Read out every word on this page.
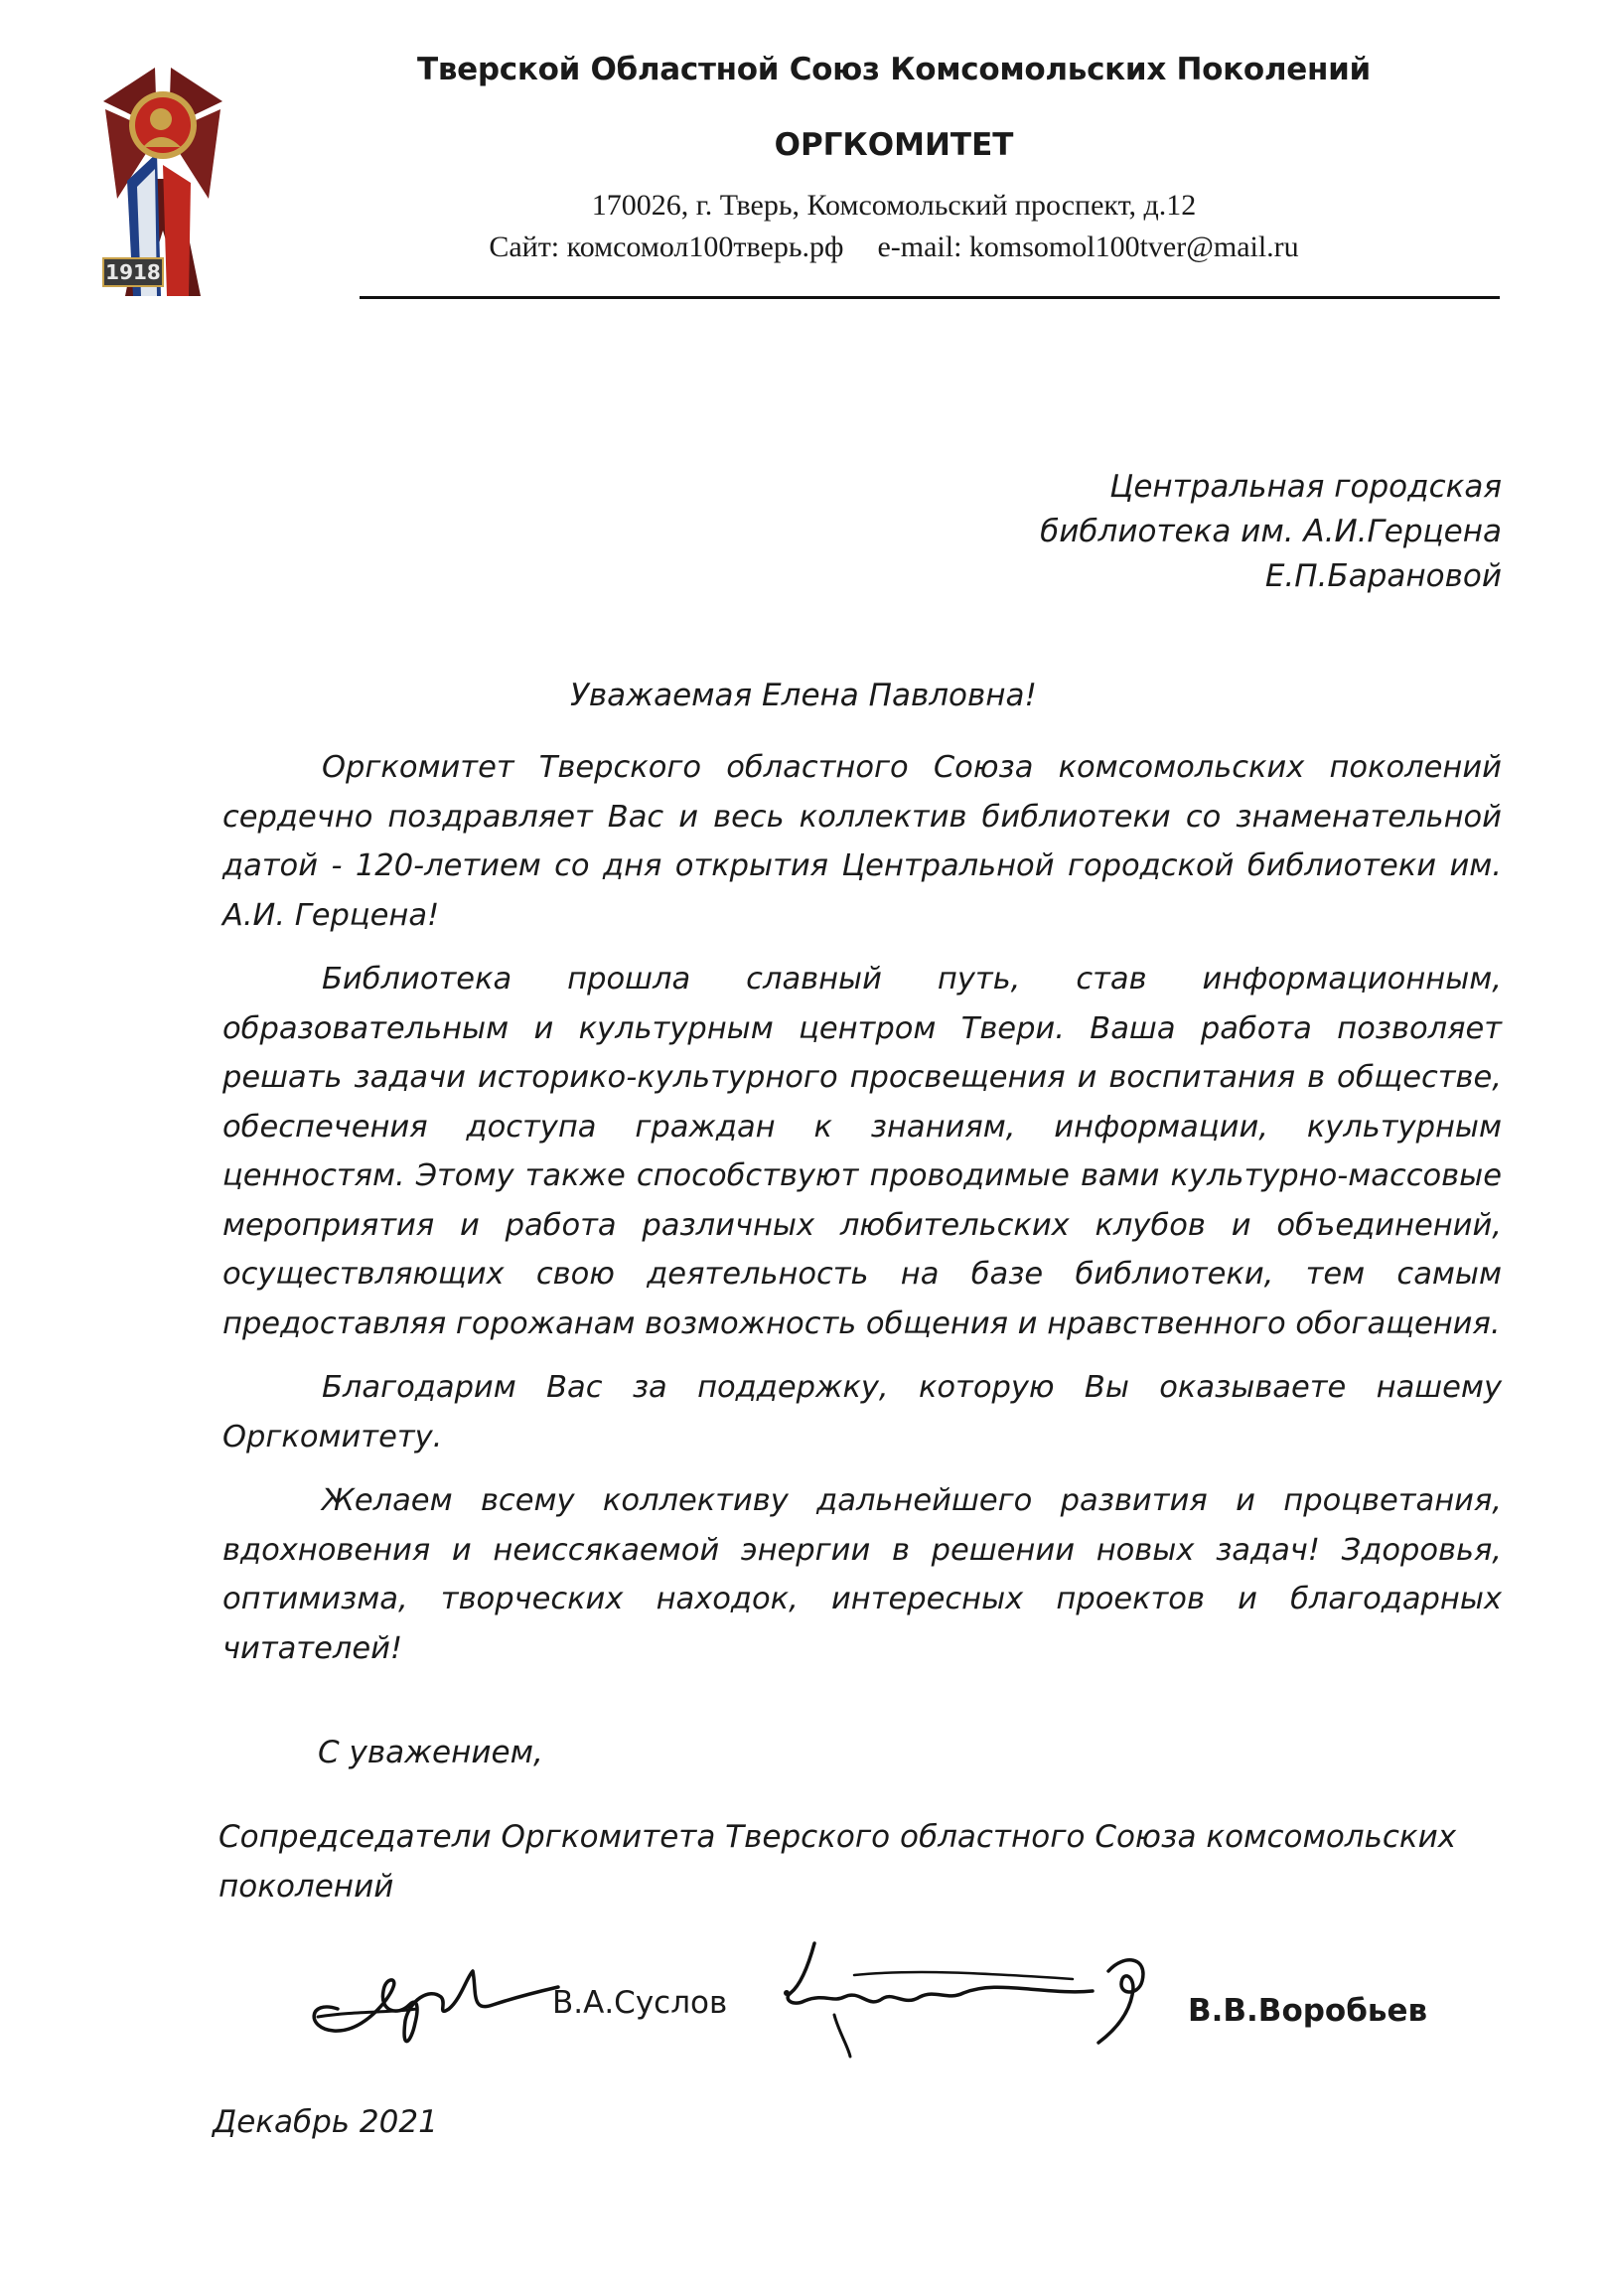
1918
Тверской Областной Союз Комсомольских Поколений
ОРГКОМИТЕТ
170026, г. Тверь, Комсомольский проспект, д.12
Сайт: комсомол100тверь.рф e-mail: komsomol100tver@mail.ru
Центральная городская
библиотека им. А.И.Герцена
Е.П.Барановой
Уважаемая Елена Павловна!

Оргкомитет Тверского областного Союза комсомольских поколений сердечно поздравляет Вас и весь коллектив библиотеки со знаменательной датой - 120-летием со дня открытия Центральной городской библиотеки им. А.И. Герцена!

Библиотека прошла славный путь, став информационным, образовательным и культурным центром Твери. Ваша работа позволяет решать задачи историко-культурного просвещения и воспитания в обществе, обеспечения доступа граждан к знаниям, информации, культурным ценностям. Этому также способствуют проводимые вами культурно-массовые мероприятия и работа различных любительских клубов и объединений, осуществляющих свою деятельность на базе библиотеки, тем самым предоставляя горожанам возможность общения и нравственного обогащения.

Благодарим Вас за поддержку, которую Вы оказываете нашему Оргкомитету.

Желаем всему коллективу дальнейшего развития и процветания, вдохновения и неиссякаемой энергии в решении новых задач! Здоровья, оптимизма, творческих находок, интересных проектов и благодарных читателей!

С уважением,
Сопредседатели Оргкомитета Тверского областного Союза комсомольских поколений
В.А.Суслов	В.В.Воробьев
Декабрь 2021
